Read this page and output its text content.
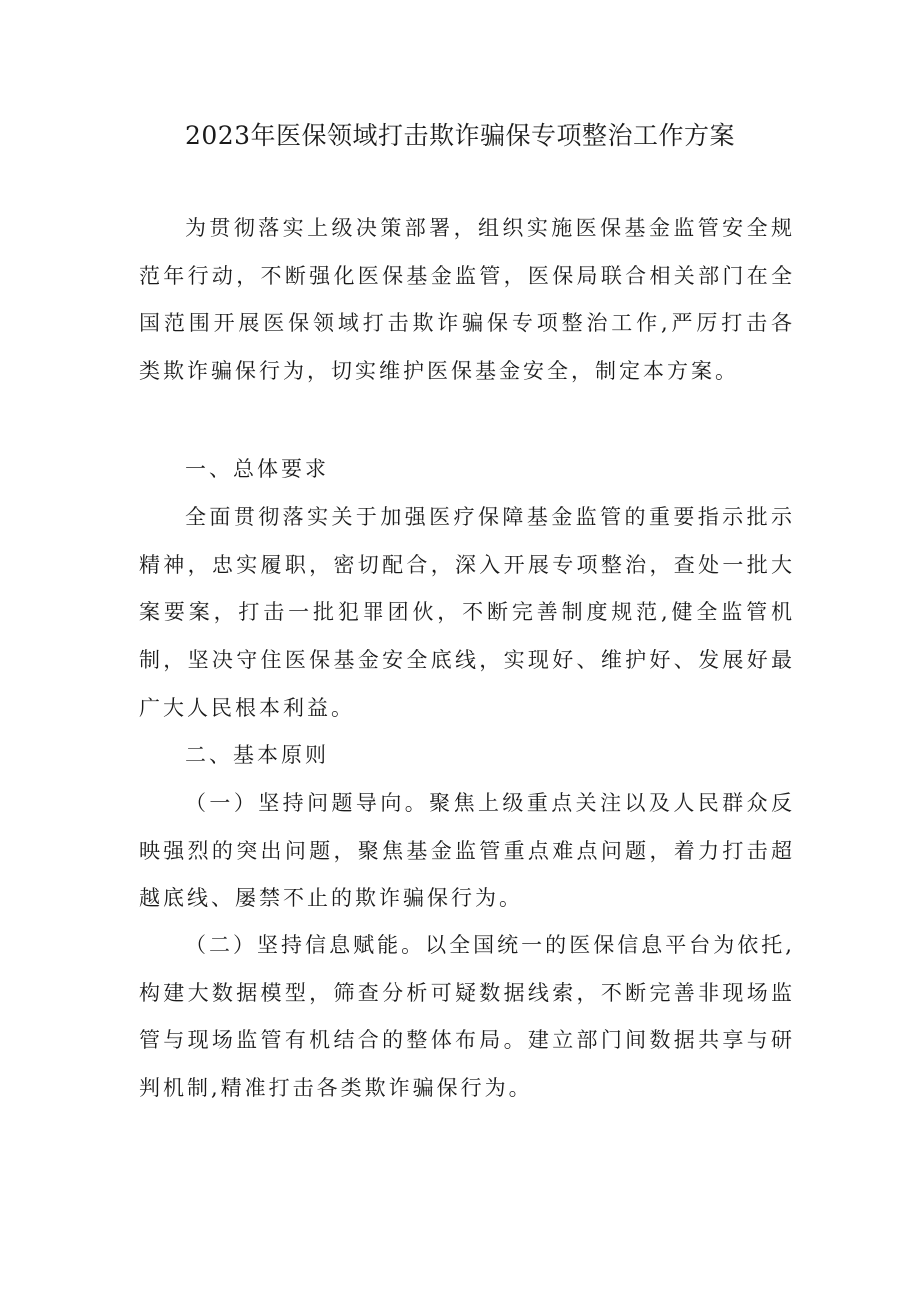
2023年医保领域打击欺诈骗保专项整治工作方案

为贯彻落实上级决策部署，组织实施医保基金监管安全规范年行动，不断强化医保基金监管，医保局联合相关部门在全国范围开展医保领域打击欺诈骗保专项整治工作,严厉打击各类欺诈骗保行为，切实维护医保基金安全，制定本方案。

一、总体要求

全面贯彻落实关于加强医疗保障基金监管的重要指示批示精神，忠实履职，密切配合，深入开展专项整治，查处一批大案要案，打击一批犯罪团伙，不断完善制度规范,健全监管机制，坚决守住医保基金安全底线，实现好、维护好、发展好最广大人民根本利益。

二、基本原则

（一）坚持问题导向。聚焦上级重点关注以及人民群众反映强烈的突出问题，聚焦基金监管重点难点问题，着力打击超越底线、屡禁不止的欺诈骗保行为。

（二）坚持信息赋能。以全国统一的医保信息平台为依托,构建大数据模型，筛查分析可疑数据线索，不断完善非现场监管与现场监管有机结合的整体布局。建立部门间数据共享与研判机制,精准打击各类欺诈骗保行为。
